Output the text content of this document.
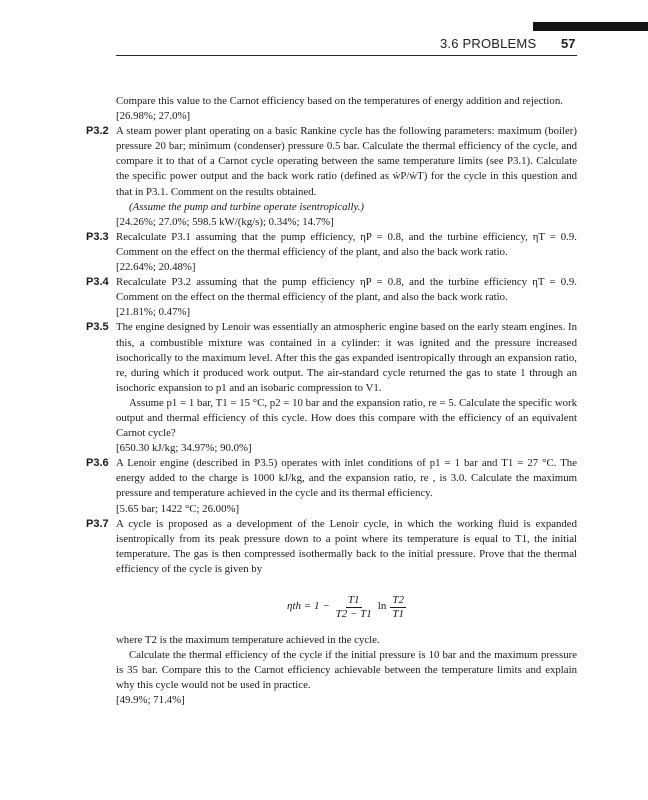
3.6 PROBLEMS 57

Compare this value to the Carnot efficiency based on the temperatures of energy addition and rejection.

[26.98%; 27.0%]

P3.2 A steam power plant operating on a basic Rankine cycle has the following parameters: maximum (boiler) pressure 20 bar; minimum (condenser) pressure 0.5 bar. Calculate the thermal efficiency of the cycle, and compare it to that of a Carnot cycle operating between the same temperature limits (see P3.1). Calculate the specific power output and the back work ratio (defined as ẇP/ẇT) for the cycle in this question and that in P3.1. Comment on the results obtained.

(Assume the pump and turbine operate isentropically.)

[24.26%; 27.0%; 598.5 kW/(kg/s); 0.34%; 14.7%]

P3.3 Recalculate P3.1 assuming that the pump efficiency, ηP = 0.8, and the turbine efficiency, ηT = 0.9. Comment on the effect on the thermal efficiency of the plant, and also the back work ratio.

[22.64%; 20.48%]

P3.4 Recalculate P3.2 assuming that the pump efficiency ηP = 0.8, and the turbine efficiency ηT = 0.9. Comment on the effect on the thermal efficiency of the plant, and also the back work ratio.

[21.81%; 0.47%]

P3.5 The engine designed by Lenoir was essentially an atmospheric engine based on the early steam engines. In this, a combustible mixture was contained in a cylinder: it was ignited and the pressure increased isochorically to the maximum level. After this the gas expanded isentropically through an expansion ratio, re, during which it produced work output. The air-standard cycle returned the gas to state 1 through an isochoric expansion to p1 and an isobaric compression to V1.

Assume p1 = 1 bar, T1 = 15 °C, p2 = 10 bar and the expansion ratio, re = 5. Calculate the specific work output and thermal efficiency of this cycle. How does this compare with the efficiency of an equivalent Carnot cycle?

[650.30 kJ/kg; 34.97%; 90.0%]

P3.6 A Lenoir engine (described in P3.5) operates with inlet conditions of p1 = 1 bar and T1 = 27 °C. The energy added to the charge is 1000 kJ/kg, and the expansion ratio, re , is 3.0. Calculate the maximum pressure and temperature achieved in the cycle and its thermal efficiency.

[5.65 bar; 1422 °C; 26.00%]

P3.7 A cycle is proposed as a development of the Lenoir cycle, in which the working fluid is expanded isentropically from its peak pressure down to a point where its temperature is equal to T1, the initial temperature. The gas is then compressed isothermally back to the initial pressure. Prove that the thermal efficiency of the cycle is given by

$\eta th = 1 - \frac{T1}{T2 - T1}$ $\ln \frac{T2}{T1}$

where T2 is the maximum temperature achieved in the cycle.

Calculate the thermal efficiency of the cycle if the initial pressure is 10 bar and the maximum pressure is 35 bar. Compare this to the Carnot efficiency achievable between the temperature limits and explain why this cycle would not be used in practice.

[49.9%; 71.4%]
